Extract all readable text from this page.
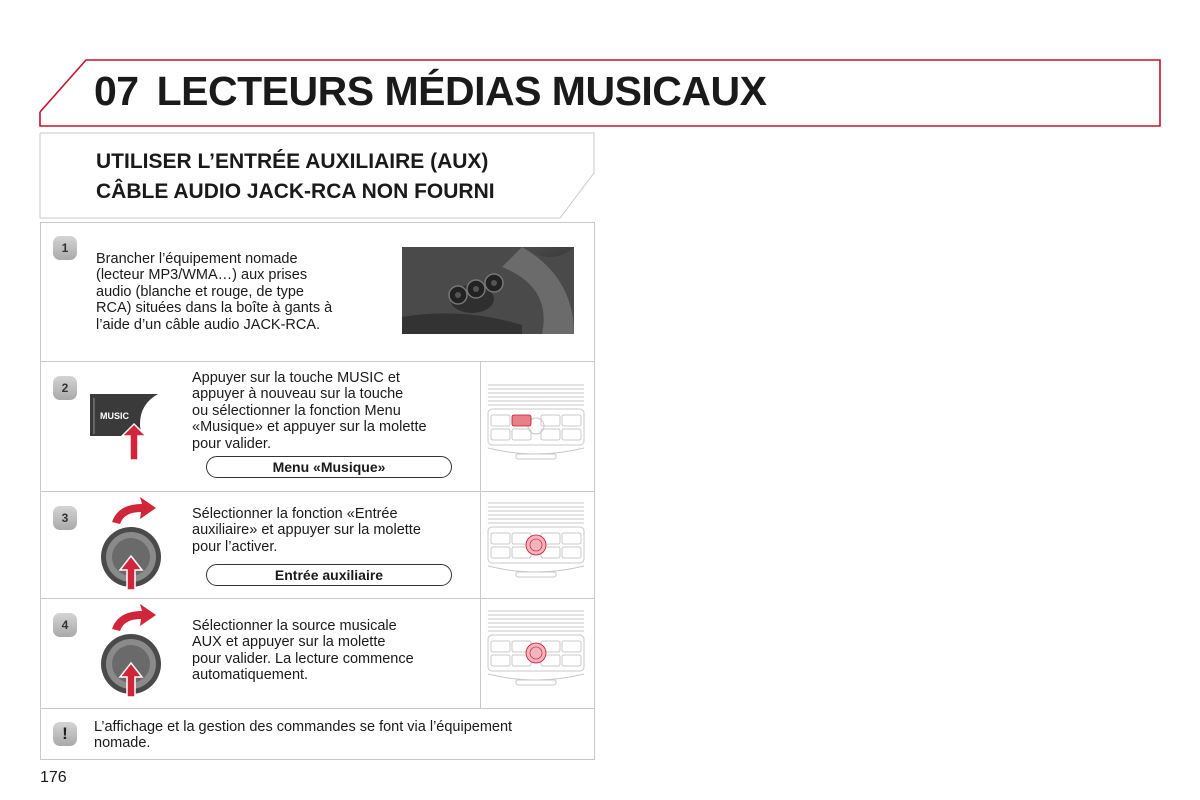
07 LECTEURS MÉDIAS MUSICAUX
UTILISER L’ENTRÉE AUXILIAIRE (AUX)
CÂBLE AUDIO JACK-RCA NON FOURNI
1
Brancher l’équipement nomade
(lecteur MP3/WMA…) aux prises
audio (blanche et rouge, de type
RCA) situées dans la boîte à gants à
l’aide d’un câble audio JACK-RCA.
2
MUSIC
Appuyer sur la touche MUSIC et
appuyer à nouveau sur la touche
ou sélectionner la fonction Menu
«Musique» et appuyer sur la molette
pour valider.
Menu «Musique»
3	Sélectionner la fonction «Entrée
auxiliaire» et appuyer sur la molette
pour l’activer.
Entrée auxiliaire
4	Sélectionner la source musicale
AUX et appuyer sur la molette
pour valider. La lecture commence
automatiquement.
!	L’affichage et la gestion des commandes se font via l’équipement
nomade.
176
